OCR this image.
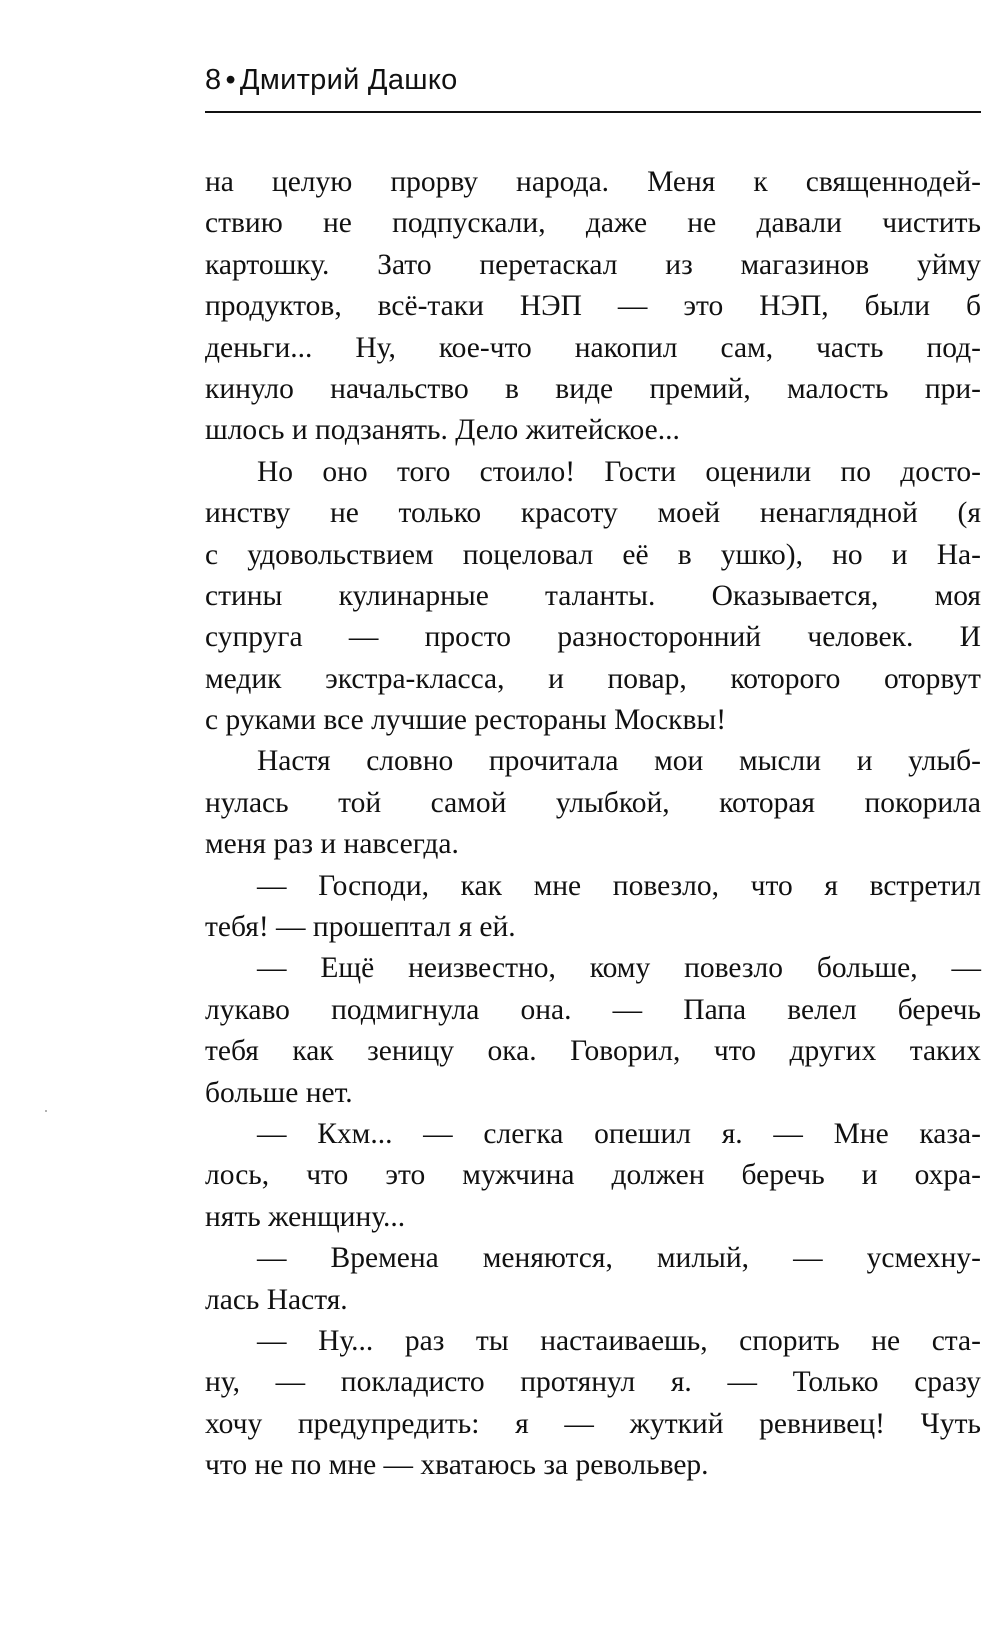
8 • Дмитрий Дашко
на целую прорву народа. Меня к священнодей-
ствию не подпускали, даже не давали чистить
картошку. Зато перетаскал из магазинов уйму
продуктов, всё-таки НЭП — это НЭП, были б
деньги... Ну, кое-что накопил сам, часть под-
кинуло начальство в виде премий, малость при-
шлось и подзанять. Дело житейское...
Но оно того стоило! Гости оценили по досто-
инству не только красоту моей ненаглядной (я
с удовольствием поцеловал её в ушко), но и На-
стины кулинарные таланты. Оказывается, моя
супруга — просто разносторонний человек. И
медик экстра-класса, и повар, которого оторвут
с руками все лучшие рестораны Москвы!
Настя словно прочитала мои мысли и улыб-
нулась той самой улыбкой, которая покорила
меня раз и навсегда.
— Господи, как мне повезло, что я встретил
тебя! — прошептал я ей.
— Ещё неизвестно, кому повезло больше, —
лукаво подмигнула она. — Папа велел беречь
тебя как зеницу ока. Говорил, что других таких
больше нет.
— Кхм... — слегка опешил я. — Мне каза-
лось, что это мужчина должен беречь и охра-
нять женщину...
— Времена меняются, милый, — усмехну-
лась Настя.
— Ну... раз ты настаиваешь, спорить не ста-
ну, — покладисто протянул я. — Только сразу
хочу предупредить: я — жуткий ревнивец! Чуть
что не по мне — хватаюсь за револьвер.
